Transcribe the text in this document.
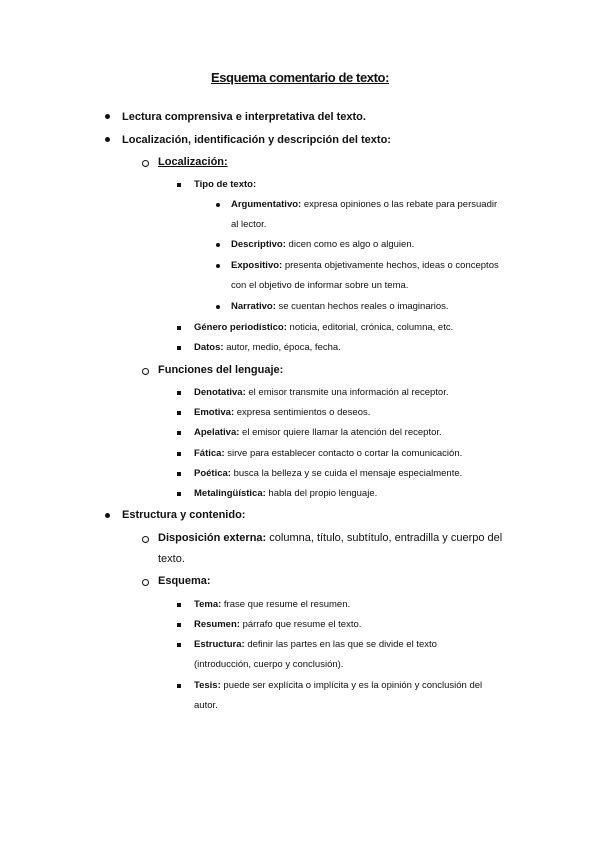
Esquema comentario de texto:
Lectura comprensiva e interpretativa del texto.
Localización, identificación y descripción del texto:
Localización:
Tipo de texto:
Argumentativo: expresa opiniones o las rebate para persuadir
al lector.
Descriptivo: dicen como es algo o alguien.
Expositivo: presenta objetivamente hechos, ideas o conceptos
con el objetivo de informar sobre un tema.
Narrativo: se cuentan hechos reales o imaginarios.
Género periodístico: noticia, editorial, crónica, columna, etc.
Datos: autor, medio, época, fecha.
Funciones del lenguaje:
Denotativa: el emisor transmite una información al receptor.
Emotiva: expresa sentimientos o deseos.
Apelativa: el emisor quiere llamar la atención del receptor.
Fática: sirve para establecer contacto o cortar la comunicación.
Poética: busca la belleza y se cuida el mensaje especialmente.
Metalingüística: habla del propio lenguaje.
Estructura y contenido:
Disposición externa: columna, título, subtítulo, entradilla y cuerpo del
texto.
Esquema:
Tema: frase que resume el resumen.
Resumen: párrafo que resume el texto.
Estructura: definir las partes en las que se divide el texto
(introducción, cuerpo y conclusión).
Tesis: puede ser explícita o implícita y es la opinión y conclusión del
autor.
